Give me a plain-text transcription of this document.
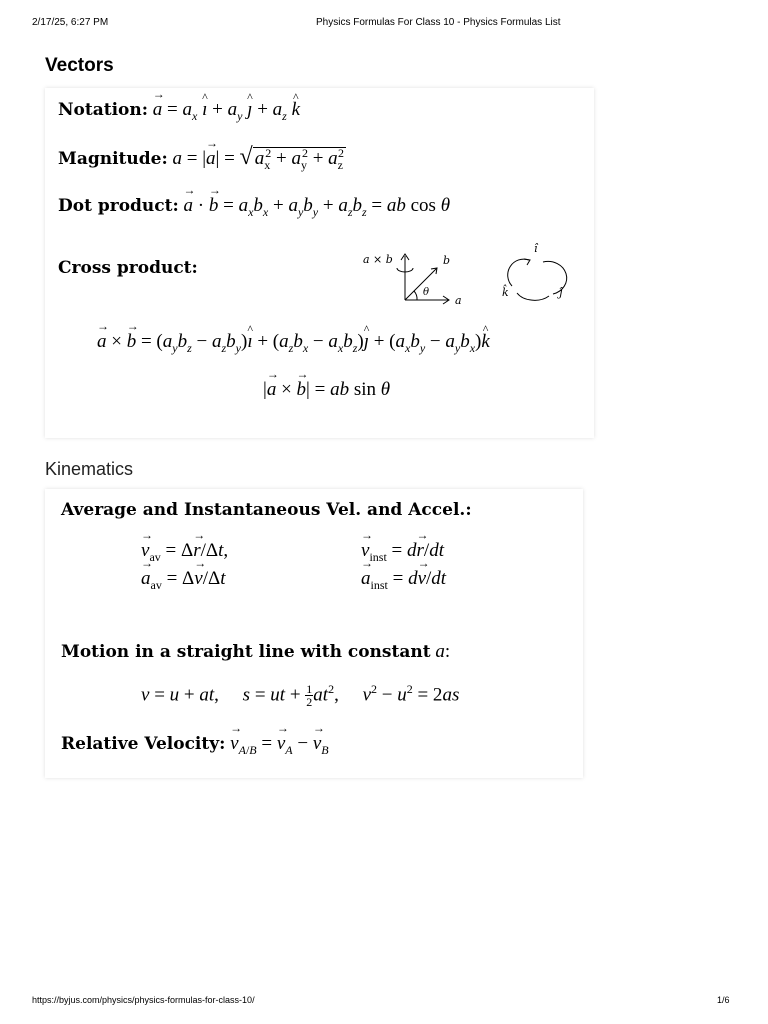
2/17/25, 6:27 PM	Physics Formulas For Class 10 - Physics Formulas List
Vectors
Notation: → $a = a_x$ ^ ı + $a_y$ ^ ȷ + $a_z$ ^ k
Magnitude: a = |→ a| = √ $a_x^2 + a_y^2 + a_z^2$
Dot product: → a · → $b = a_xb_x + a_yb_y + a_zb_z$ = ab cos θ
Cross product:	a × b	b
a
θ
î
ĵ
k̂
→ a × → $b = (a_yb_z$ − $a_zb_y)\^{}$ ı + ($a_zb_x$ − $a_xb_z)\^{}$ ȷ + ($a_xb_y$ − $a_yb_x)\^{}$ k
|→ a × → b| = ab sin θ
Kinematics
Average and Instantaneous Vel. and Accel.:
→ $v_{av} = \Delta\to r/\Delta t$,	→ $v_{inst} = d\to r/dt$
→ $a_{av} = \Delta\to v/\Delta t$	→ $a_{inst} = d\to v/dt$
Motion in a straight line with constant a:
v = u + at,     s = ut + $\frac{1}{2} at^2$,     $v^2 - u^2 = 2as$
Relative Velocity: → $v_{A/B}$ = → $v_A$ − → $v_B$
https://byjus.com/physics/physics-formulas-for-class-10/	1/6
